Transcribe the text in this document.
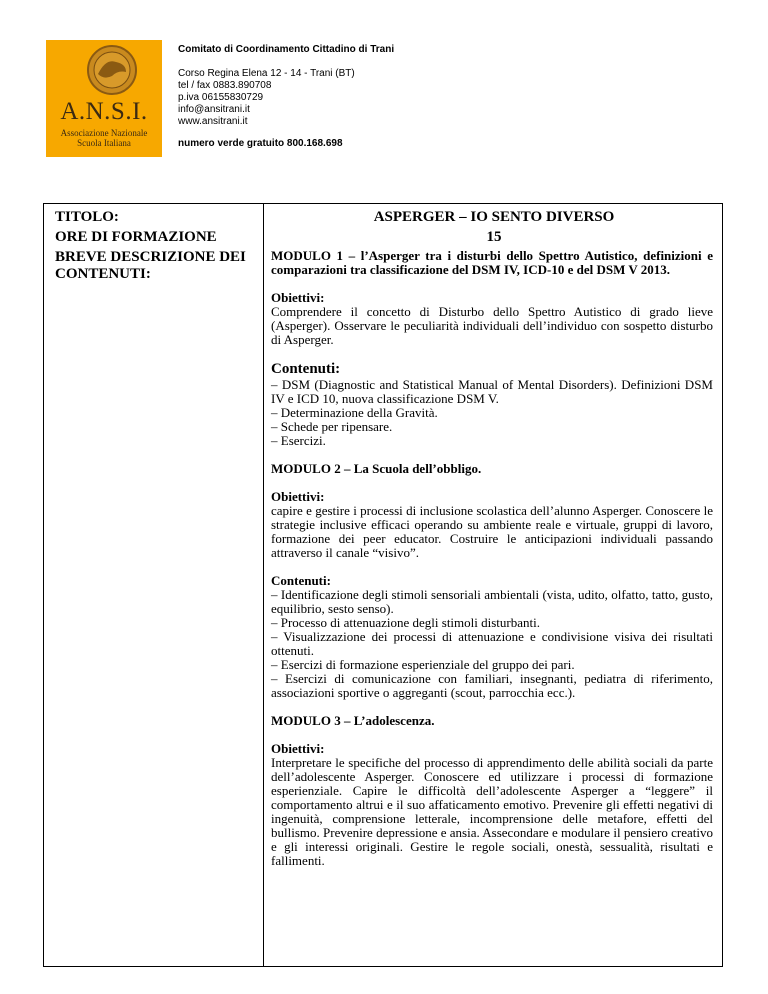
A.N.S.I.
Associazione Nazionale
Scuola Italiana
Comitato di Coordinamento Cittadino di Trani
Corso Regina Elena 12 - 14 - Trani (BT)
tel / fax 0883.890708
p.iva 06155830729
info@ansitrani.it
www.ansitrani.it
numero verde gratuito 800.168.698
TITOLO:
ORE DI FORMAZIONE
BREVE DESCRIZIONE DEI
CONTENUTI:
ASPERGER – IO SENTO DIVERSO
15

MODULO 1 – l’Asperger tra i disturbi dello Spettro Autistico, definizioni e comparazioni tra classificazione del DSM IV, ICD-10 e del DSM V 2013.

Obiettivi:

Comprendere il concetto di Disturbo dello Spettro Autistico di grado lieve (Asperger). Osservare le peculiarità individuali dell’individuo con sospetto disturbo di Asperger.

Contenuti:

– DSM (Diagnostic and Statistical Manual of Mental Disorders). Definizioni DSM IV e ICD 10, nuova classificazione DSM V.

– Determinazione della Gravità.

– Schede per ripensare.

– Esercizi.

MODULO 2 – La Scuola dell’obbligo.

Obiettivi:

capire e gestire i processi di inclusione scolastica dell’alunno Asperger. Conoscere le strategie inclusive efficaci operando su ambiente reale e virtuale, gruppi di lavoro, formazione dei peer educator. Costruire le anticipazioni individuali passando attraverso il canale “visivo”.

Contenuti:

– Identificazione degli stimoli sensoriali ambientali (vista, udito, olfatto, tatto, gusto, equilibrio, sesto senso).

– Processo di attenuazione degli stimoli disturbanti.

– Visualizzazione dei processi di attenuazione e condivisione visiva dei risultati ottenuti.

– Esercizi di formazione esperienziale del gruppo dei pari.

– Esercizi di comunicazione con familiari, insegnanti, pediatra di riferimento, associazioni sportive o aggreganti (scout, parrocchia ecc.).

MODULO 3 – L’adolescenza.

Obiettivi:

Interpretare le specifiche del processo di apprendimento delle abilità sociali da parte dell’adolescente Asperger. Conoscere ed utilizzare i processi di formazione esperienziale. Capire le difficoltà dell’adolescente Asperger a “leggere” il comportamento altrui e il suo affaticamento emotivo. Prevenire gli effetti negativi di ingenuità, comprensione letterale, incomprensione delle metafore, effetti del bullismo. Prevenire depressione e ansia. Assecondare e modulare il pensiero creativo e gli interessi originali. Gestire le regole sociali, onestà, sessualità, risultati e fallimenti.
